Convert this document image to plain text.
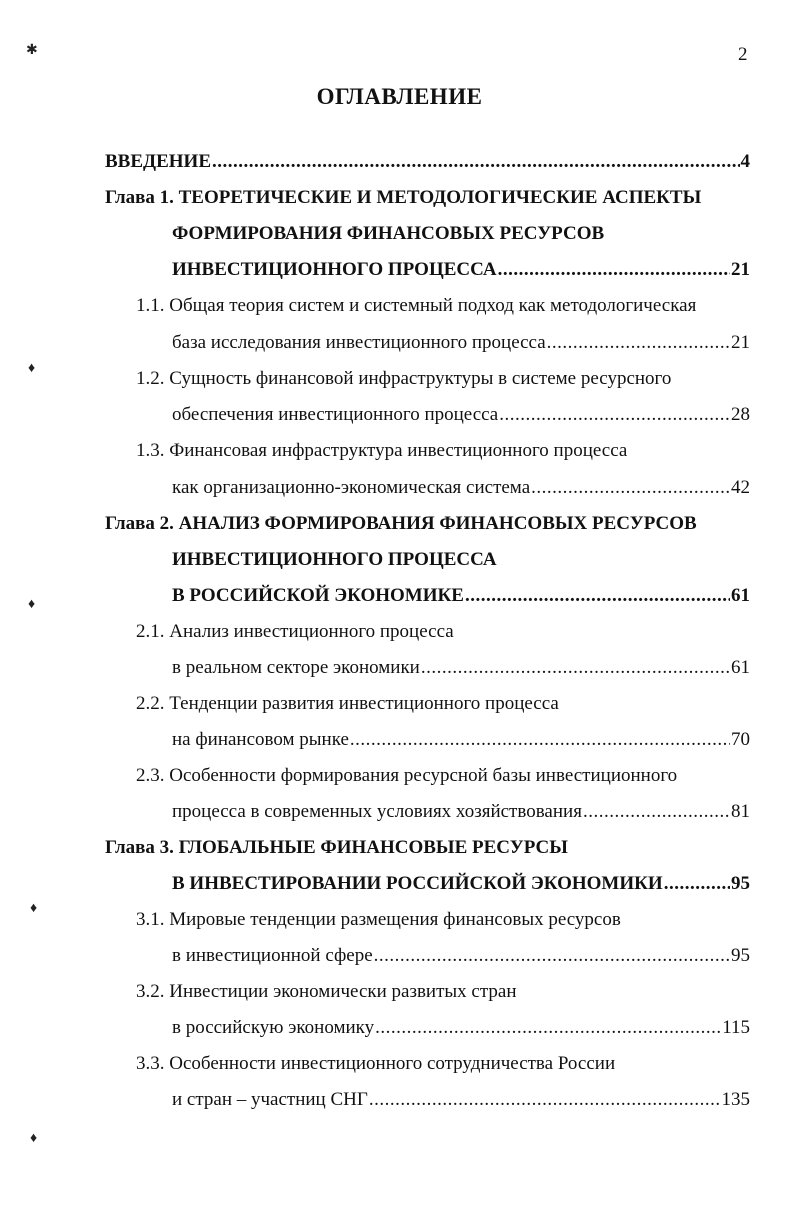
2
ОГЛАВЛЕНИЕ
ВВЕДЕНИЕ .....	4
Глава 1. ТЕОРЕТИЧЕСКИЕ И МЕТОДОЛОГИЧЕСКИЕ АСПЕКТЫ
ФОРМИРОВАНИЯ ФИНАНСОВЫХ РЕСУРСОВ
ИНВЕСТИЦИОННОГО ПРОЦЕССА .....	21
1.1. Общая теория систем и системный подход как методологическая
база исследования инвестиционного процесса .....	21
1.2. Сущность финансовой инфраструктуры в системе ресурсного
обеспечения инвестиционного процесса .....	28
1.3. Финансовая инфраструктура инвестиционного процесса
как организационно-экономическая система .....	42
Глава 2. АНАЛИЗ ФОРМИРОВАНИЯ ФИНАНСОВЫХ РЕСУРСОВ
ИНВЕСТИЦИОННОГО ПРОЦЕССА
В РОССИЙСКОЙ ЭКОНОМИКЕ .....	61
2.1. Анализ инвестиционного процесса
в реальном секторе экономики .....	61
2.2. Тенденции развития инвестиционного процесса
на финансовом рынке .....	70
2.3. Особенности формирования ресурсной базы инвестиционного
процесса в современных условиях хозяйствования .....	81
Глава 3. ГЛОБАЛЬНЫЕ ФИНАНСОВЫЕ РЕСУРСЫ
В ИНВЕСТИРОВАНИИ РОССИЙСКОЙ ЭКОНОМИКИ .....	95
3.1. Мировые тенденции размещения финансовых ресурсов
в инвестиционной сфере .....	95
3.2. Инвестиции экономически развитых стран
в российскую экономику .....	115
3.3. Особенности инвестиционного сотрудничества России
и стран – участниц СНГ .....	135
✱
♦
♦
♦
♦
